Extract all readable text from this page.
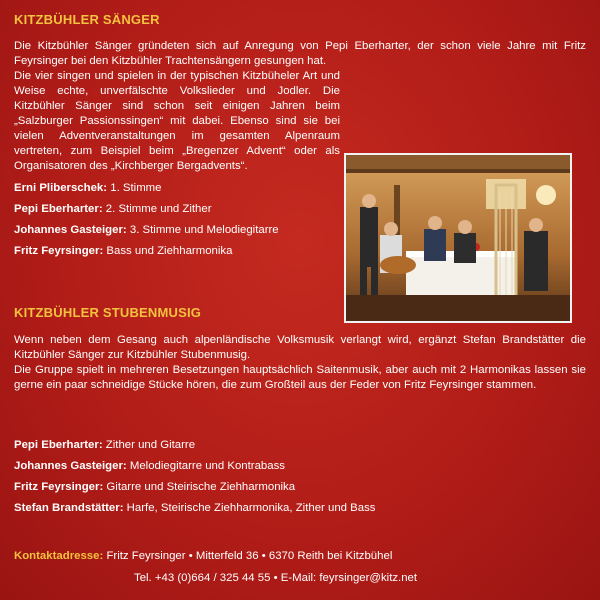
KITZBÜHLER SÄNGER

Die Kitzbühler Sänger gründeten sich auf Anregung von Pepi Eberharter, der schon viele Jahre mit Fritz Feyrsinger bei den Kitzbühler Trachtensängern gesungen hat.

Die vier singen und spielen in der typischen Kitzbüheler Art und Weise echte, unverfälschte Volkslieder und Jodler. Die Kitzbühler Sänger sind schon seit einigen Jahren beim „Salzburger Passionssingen“ mit dabei. Ebenso sind sie bei vielen Adventveranstaltungen im gesamten Alpenraum vertreten, zum Beispiel beim „Bregenzer Advent“ oder als Organisatoren des „Kirchberger Bergadvents“.

Erni Pliberschek: 1. Stimme
Pepi Eberharter: 2. Stimme und Zither
Johannes Gasteiger: 3. Stimme und Melodiegitarre
Fritz Feyrsinger: Bass und Ziehharmonika
KITZBÜHLER STUBENMUSIG

Wenn neben dem Gesang auch alpenländische Volksmusik verlangt wird, ergänzt Stefan Brandstätter die Kitzbühler Sänger zur Kitzbühler Stubenmusig.

Die Gruppe spielt in mehreren Besetzungen hauptsächlich Saitenmusik, aber auch mit 2 Harmonikas lassen sie gerne ein paar schneidige Stücke hören, die zum Großteil aus der Feder von Fritz Feyrsinger stammen.

Pepi Eberharter: Zither und Gitarre
Johannes Gasteiger: Melodiegitarre und Kontrabass
Fritz Feyrsinger: Gitarre und Steirische Ziehharmonika
Stefan Brandstätter: Harfe, Steirische Ziehharmonika, Zither und Bass
Kontaktadresse: Fritz Feyrsinger • Mitterfeld 36 • 6370 Reith bei Kitzbühel
Tel. +43 (0)664 / 325 44 55 • E-Mail: feyrsinger@kitz.net
